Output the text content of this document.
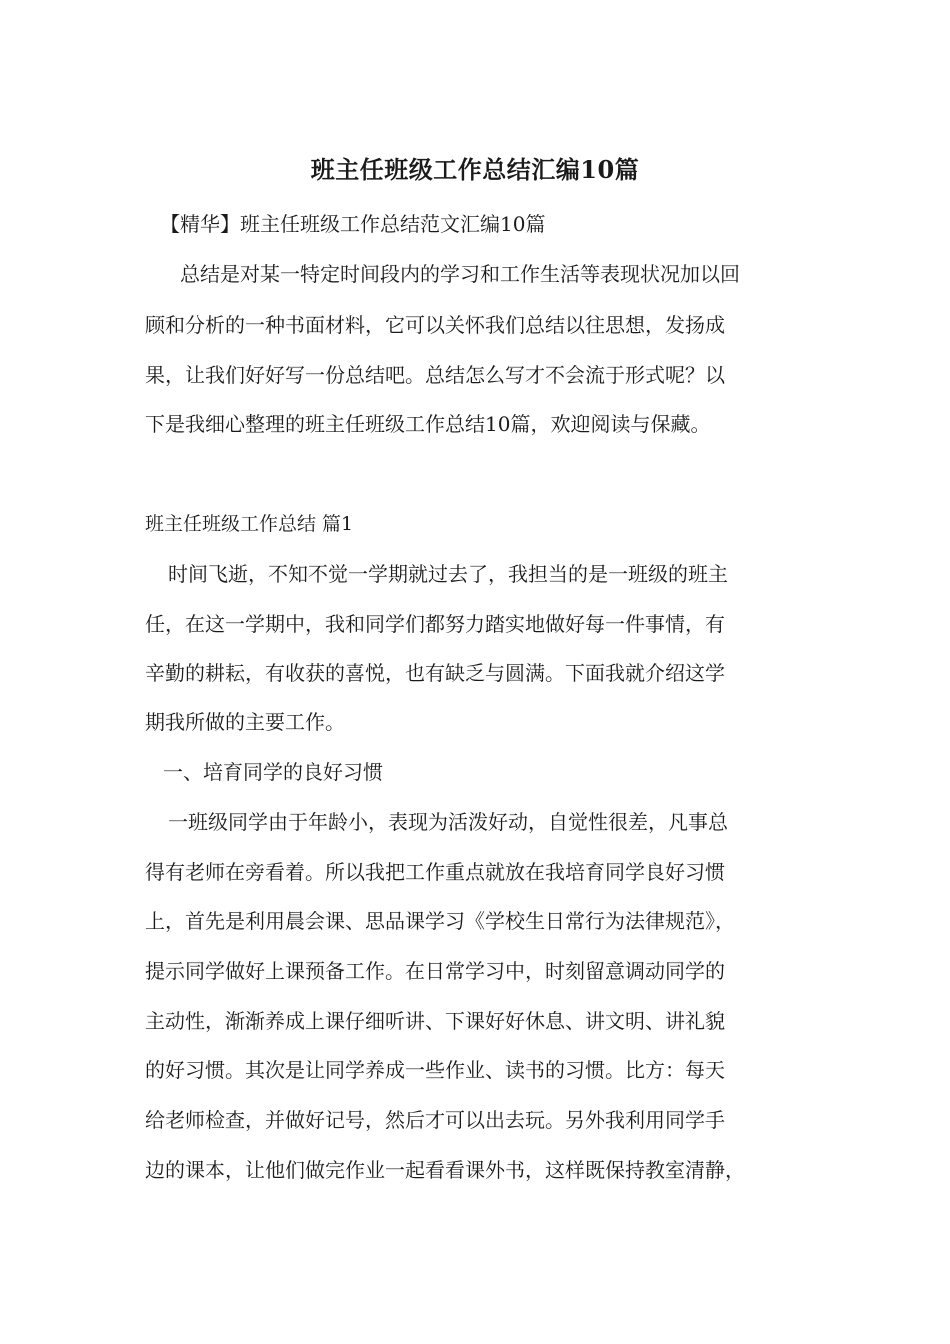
班主任班级工作总结汇编10篇
【精华】班主任班级工作总结范文汇编10篇
总结是对某一特定时间段内的学习和工作生活等表现状况加以回
顾和分析的一种书面材料，它可以关怀我们总结以往思想，发扬成
果，让我们好好写一份总结吧。总结怎么写才不会流于形式呢？以
下是我细心整理的班主任班级工作总结10篇，欢迎阅读与保藏。
班主任班级工作总结 篇1
时间飞逝，不知不觉一学期就过去了，我担当的是一班级的班主
任，在这一学期中，我和同学们都努力踏实地做好每一件事情，有
辛勤的耕耘，有收获的喜悦，也有缺乏与圆满。下面我就介绍这学
期我所做的主要工作。
一、培育同学的良好习惯
一班级同学由于年龄小，表现为活泼好动，自觉性很差，凡事总
得有老师在旁看着。所以我把工作重点就放在我培育同学良好习惯
上，首先是利用晨会课、思品课学习《学校生日常行为法律规范》，
提示同学做好上课预备工作。在日常学习中，时刻留意调动同学的
主动性，渐渐养成上课仔细听讲、下课好好休息、讲文明、讲礼貌
的好习惯。其次是让同学养成一些作业、读书的习惯。比方：每天
给老师检查，并做好记号，然后才可以出去玩。另外我利用同学手
边的课本，让他们做完作业一起看看课外书，这样既保持教室清静，
